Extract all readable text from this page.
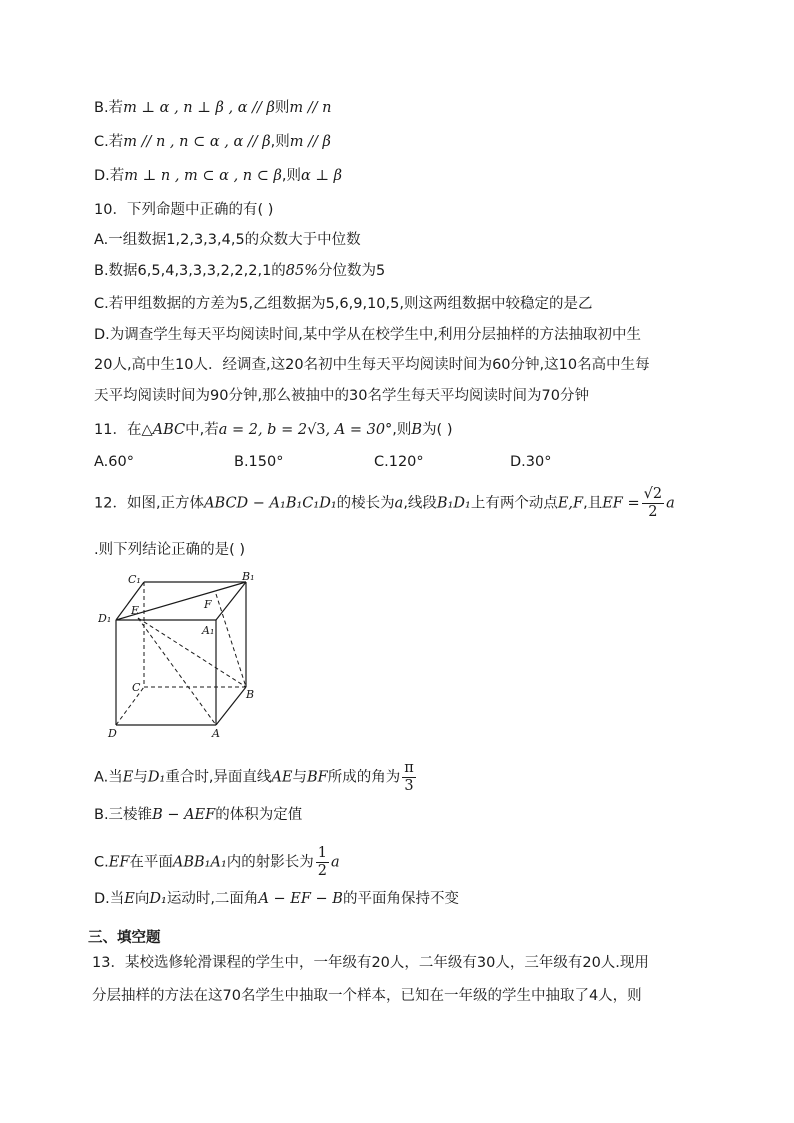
B.若m ⊥ α , n ⊥ β , α // β则m // n
C.若m // n , n ⊂ α , α // β,则m // β
D.若m ⊥ n , m ⊂ α , n ⊂ β,则α ⊥ β
10．下列命题中正确的有( )
A.一组数据1,2,3,3,4,5的众数大于中位数
B.数据6,5,4,3,3,3,2,2,2,1的85%分位数为5
C.若甲组数据的方差为5,乙组数据为5,6,9,10,5,则这两组数据中较稳定的是乙
D.为调查学生每天平均阅读时间,某中学从在校学生中,利用分层抽样的方法抽取初中生
20人,高中生10人．经调查,这20名初中生每天平均阅读时间为60分钟,这10名高中生每
天平均阅读时间为90分钟,那么被抽中的30名学生每天平均阅读时间为70分钟
11．在△ABC中,若a = 2, b = 2√3, A = 30°,则B为( )
A.60°	B.150°	C.120°	D.30°
12．如图,正方体ABCD − A₁B₁C₁D₁的棱长为a,线段B₁D₁上有两个动点E,F,且EF = $\frac{√2}{2}$ a
.则下列结论正确的是( )
C₁	B₁
D₁
E	F
A₁
C
B
D	A
A.当E与D₁重合时,异面直线AE与BF所成的角为 $\frac{\pi}{3}$
B.三棱锥B − AEF的体积为定值
C.EF在平面ABB₁A₁内的射影长为 $\frac{1}{2}$ a
D.当E向D₁运动时,二面角A − EF − B的平面角保持不变
三、填空题
13．某校选修轮滑课程的学生中，一年级有20人，二年级有30人，三年级有20人.现用
分层抽样的方法在这70名学生中抽取一个样本，已知在一年级的学生中抽取了4人，则
